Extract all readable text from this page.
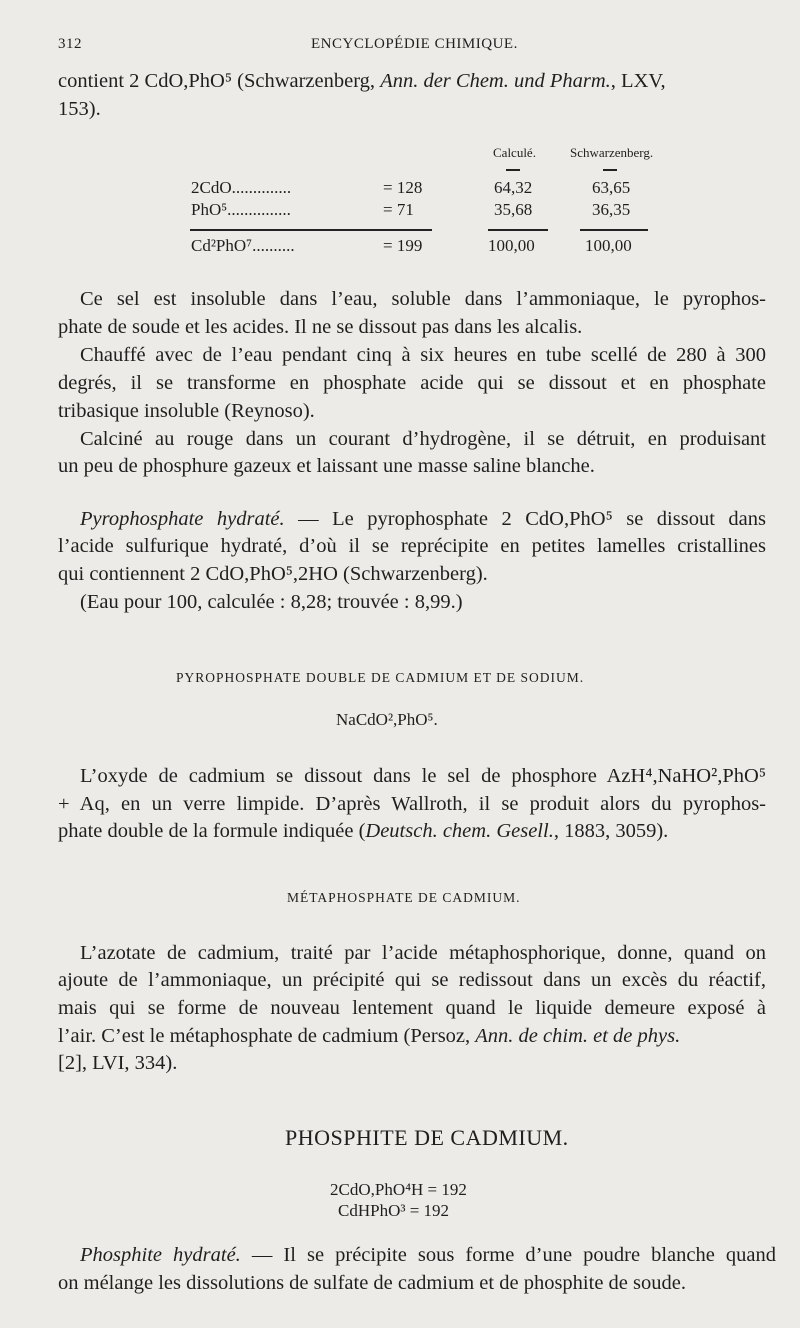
312	ENCYCLOPÉDIE CHIMIQUE.
contient 2 CdO,PhO⁵ (Schwarzenberg, Ann. der Chem. und Pharm., LXV,
153).
Calculé.	Schwarzenberg.
2CdO..............	= 128	64,32	63,65
PhO⁵...............	= 71	35,68	36,35
Cd²PhO⁷..........	= 199	100,00	100,00
Ce sel est insoluble dans l’eau, soluble dans l’ammoniaque, le pyrophos-
phate de soude et les acides. Il ne se dissout pas dans les alcalis.
Chauffé avec de l’eau pendant cinq à six heures en tube scellé de 280 à 300
degrés, il se transforme en phosphate acide qui se dissout et en phosphate
tribasique insoluble (Reynoso).
Calciné au rouge dans un courant d’hydrogène, il se détruit, en produisant
un peu de phosphure gazeux et laissant une masse saline blanche.
Pyrophosphate hydraté. — Le pyrophosphate 2 CdO,PhO⁵ se dissout dans
l’acide sulfurique hydraté, d’où il se reprécipite en petites lamelles cristallines
qui contiennent 2 CdO,PhO⁵,2HO (Schwarzenberg).
(Eau pour 100, calculée : 8,28; trouvée : 8,99.)
PYROPHOSPHATE DOUBLE DE CADMIUM ET DE SODIUM.
NaCdO²,PhO⁵.
L’oxyde de cadmium se dissout dans le sel de phosphore AzH⁴,NaHO²,PhO⁵
+ Aq, en un verre limpide. D’après Wallroth, il se produit alors du pyrophos-
phate double de la formule indiquée (Deutsch. chem. Gesell., 1883, 3059).
MÉTAPHOSPHATE DE CADMIUM.
L’azotate de cadmium, traité par l’acide métaphosphorique, donne, quand on
ajoute de l’ammoniaque, un précipité qui se redissout dans un excès du réactif,
mais qui se forme de nouveau lentement quand le liquide demeure exposé à
l’air. C’est le métaphosphate de cadmium (Persoz, Ann. de chim. et de phys.
[2], LVI, 334).
PHOSPHITE DE CADMIUM.
2CdO,PhO⁴H = 192
CdHPhO³ = 192
Phosphite hydraté. — Il se précipite sous forme d’une poudre blanche quand
on mélange les dissolutions de sulfate de cadmium et de phosphite de soude.
